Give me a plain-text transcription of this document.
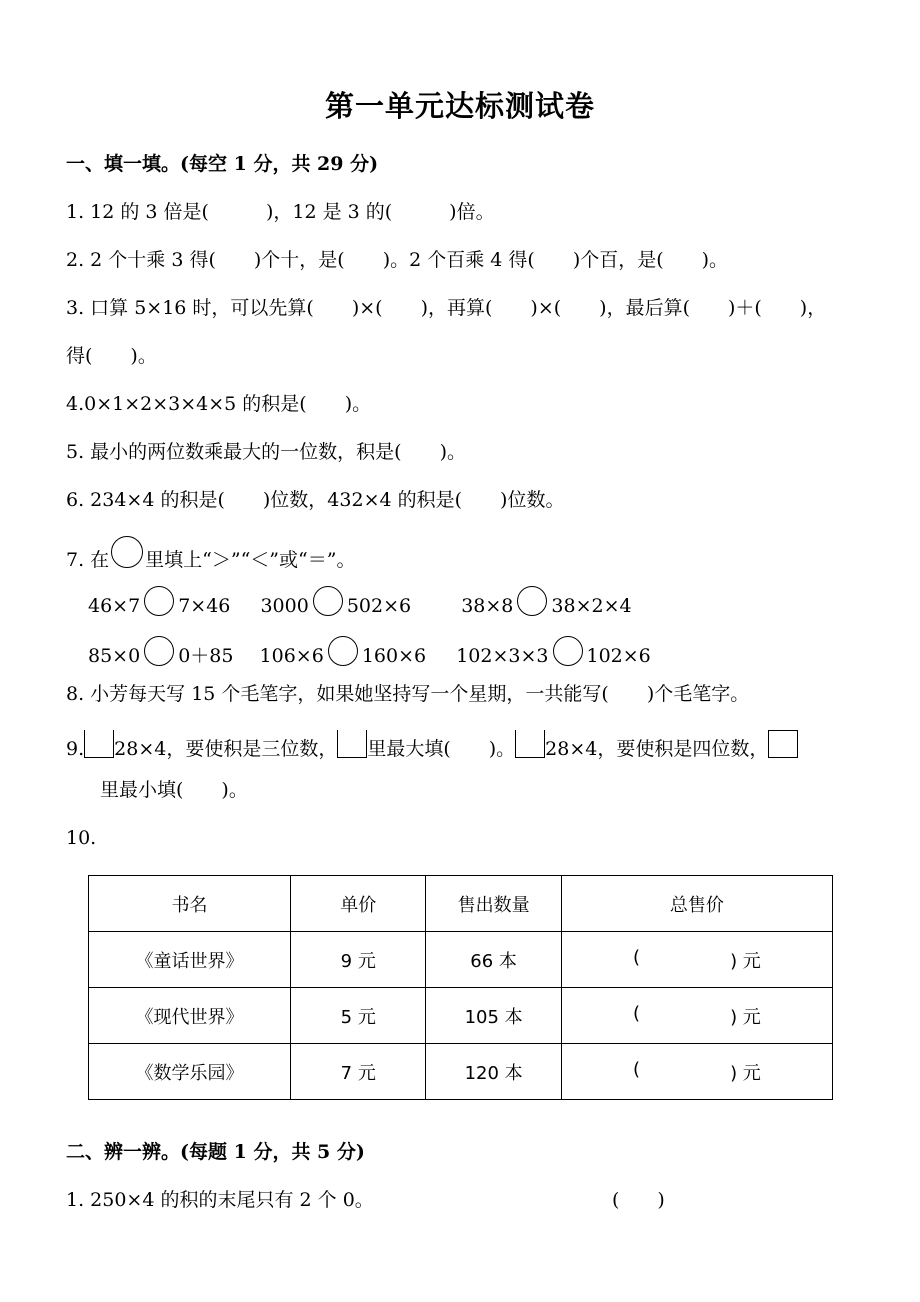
第一单元达标测试卷
一、填一填。(每空 1 分，共 29 分)
1. 12 的 3 倍是(　　　)，12 是 3 的(　　　)倍。
2. 2 个十乘 3 得(　　)个十，是(　　)。2 个百乘 4 得(　　)个百，是(　　)。
3. 口算 5×16 时，可以先算(　　)×(　　)，再算(　　)×(　　)，最后算(　　)＋(　　)，
得(　　)。
4.0×1×2×3×4×5 的积是(　　)。
5. 最小的两位数乘最大的一位数，积是(　　)。
6. 234×4 的积是(　　)位数，432×4 的积是(　　)位数。
7. 在 里填上“＞”“＜”或“＝”。
46×7 7×46 3000 502×6	38×8 38×2×4
85×0 0＋85 106×6 160×6 102×3×3 102×6
8. 小芳每天写 15 个毛笔字，如果她坚持写一个星期，一共能写(　　)个毛笔字。
9. 28×4，要使积是三位数， 里最大填(　　)。 28×4，要使积是四位数，
里最小填(　　)。
10.
书名	单价	售出数量	总售价
《童话世界》	9 元	66 本	( ) 元

《现代世界》	5 元	105 本	( ) 元

《数学乐园》	7 元	120 本	( ) 元
二、辨一辨。(每题 1 分，共 5 分)
1. 250×4 的积的末尾只有 2 个 0。	(　　)
